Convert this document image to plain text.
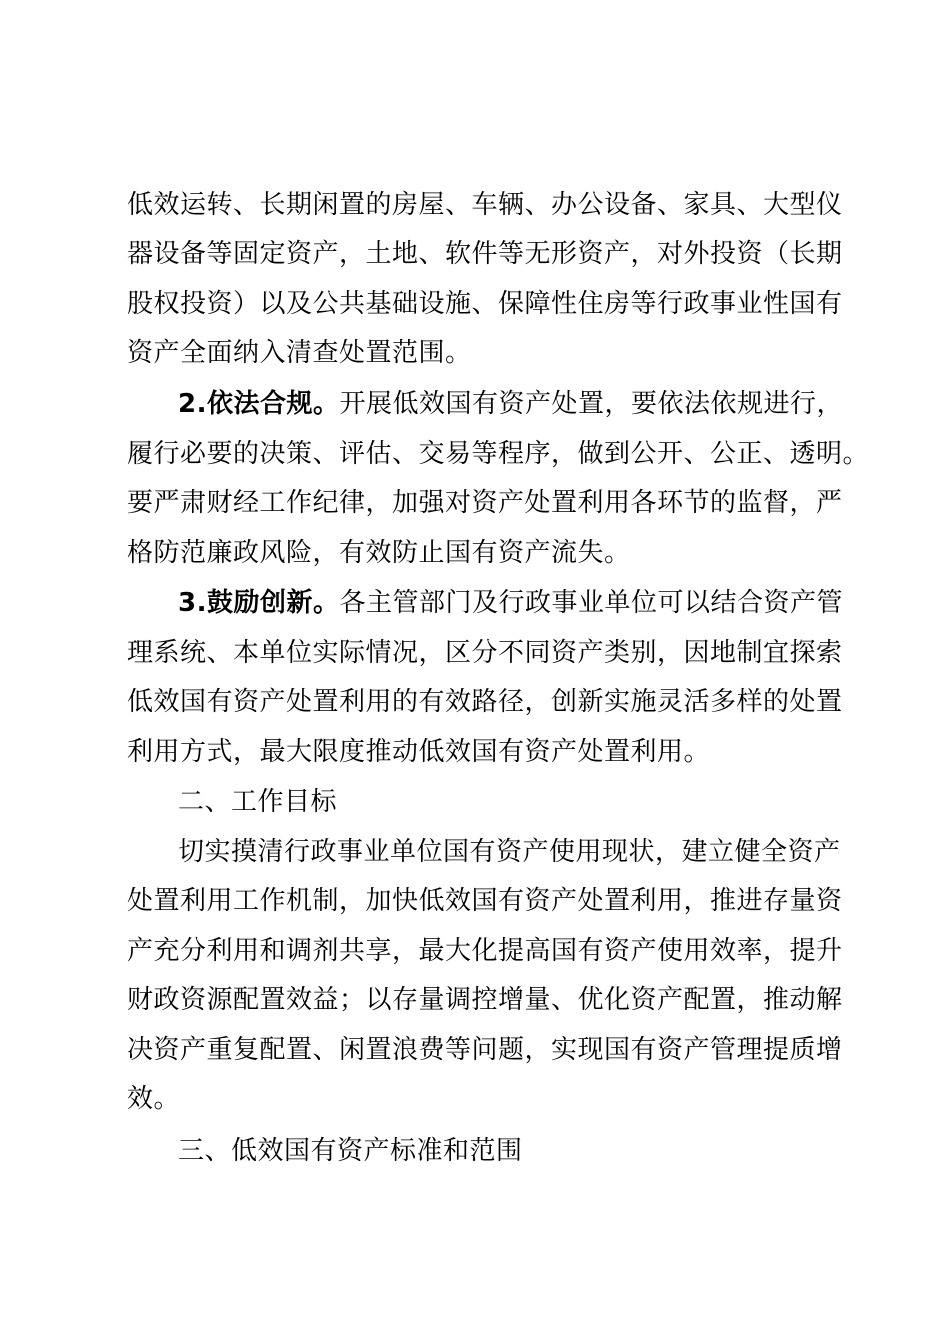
低效运转、长期闲置的房屋、车辆、办公设备、家具、大型仪
器设备等固定资产，土地、软件等无形资产，对外投资（长期
股权投资）以及公共基础设施、保障性住房等行政事业性国有
资产全面纳入清查处置范围。
2.依法合规。开展低效国有资产处置，要依法依规进行，
履行必要的决策、评估、交易等程序，做到公开、公正、透明。
要严肃财经工作纪律，加强对资产处置利用各环节的监督，严
格防范廉政风险，有效防止国有资产流失。
3.鼓励创新。各主管部门及行政事业单位可以结合资产管
理系统、本单位实际情况，区分不同资产类别，因地制宜探索
低效国有资产处置利用的有效路径，创新实施灵活多样的处置
利用方式，最大限度推动低效国有资产处置利用。
二、工作目标
切实摸清行政事业单位国有资产使用现状，建立健全资产
处置利用工作机制，加快低效国有资产处置利用，推进存量资
产充分利用和调剂共享，最大化提高国有资产使用效率，提升
财政资源配置效益；以存量调控增量、优化资产配置，推动解
决资产重复配置、闲置浪费等问题，实现国有资产管理提质增
效。
三、低效国有资产标准和范围
